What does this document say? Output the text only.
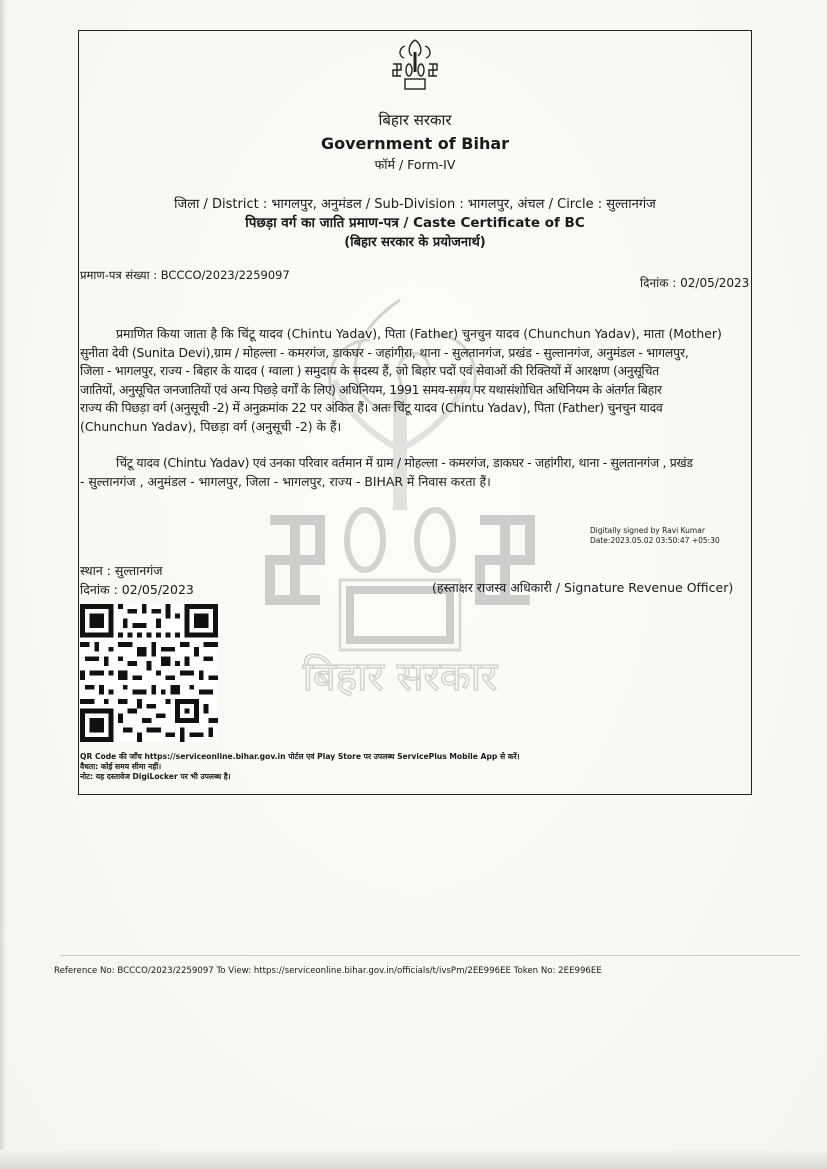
बिहार सरकार
बिहार सरकार
Government of Bihar
फॉर्म / Form-IV
जिला / District : भागलपुर, अनुमंडल / Sub-Division : भागलपुर, अंचल / Circle : सुल्तानगंज
पिछड़ा वर्ग का जाति प्रमाण-पत्र / Caste Certificate of BC
(बिहार सरकार के प्रयोजनार्थ)
प्रमाण-पत्र संख्या : BCCCO/2023/2259097
दिनांक : 02/05/2023
प्रमाणित किया जाता है कि चिंटू यादव (Chintu Yadav), पिता (Father) चुनचुन यादव (Chunchun Yadav), माता (Mother)
सुनीता देवी (Sunita Devi),ग्राम / मोहल्ला - कमरगंज, डाकघर - जहांगीरा, थाना - सुलतानगंज, प्रखंड - सुल्तानगंज, अनुमंडल - भागलपुर,
जिला - भागलपुर, राज्य - बिहार के यादव ( ग्वाला ) समुदाय के सदस्य हैं, जो बिहार पदों एवं सेवाओं की रिक्तियों में आरक्षण (अनुसूचित
जातियों, अनुसूचित जनजातियों एवं अन्य पिछड़े वर्गों के लिए) अधिनियम, 1991 समय-समय पर यथासंशोधित अधिनियम के अंतर्गत बिहार
राज्य की पिछड़ा वर्ग (अनुसूची -2) में अनुक्रमांक 22 पर अंकित हैं। अतः चिंटू यादव (Chintu Yadav), पिता (Father) चुनचुन यादव
(Chunchun Yadav), पिछड़ा वर्ग (अनुसूची -2) के हैं।
चिंटू यादव (Chintu Yadav) एवं उनका परिवार वर्तमान में ग्राम / मोहल्ला - कमरगंज, डाकघर - जहांगीरा, थाना - सुलतानगंज , प्रखंड
- सुल्तानगंज , अनुमंडल - भागलपुर, जिला - भागलपुर, राज्य - BIHAR में निवास करता हैं।
Digitally signed by Ravi Kumar
Date:2023.05.02 03:50:47 +05:30
स्थान : सुल्तानगंज
दिनांक : 02/05/2023	(हस्ताक्षर राजस्व अधिकारी / Signature Revenue Officer)
QR Code की जाँच https://serviceonline.bihar.gov.in पोर्टल एवं Play Store पर उपलब्ध ServicePlus Mobile App से करें।
वैधता: कोई समय सीमा नहीं।
नोट: यह दस्तावेज DigiLocker पर भी उपलब्ध है।
Reference No: BCCCO/2023/2259097 To View: https://serviceonline.bihar.gov.in/officials/t/ivsPm/2EE996EE Token No: 2EE996EE
